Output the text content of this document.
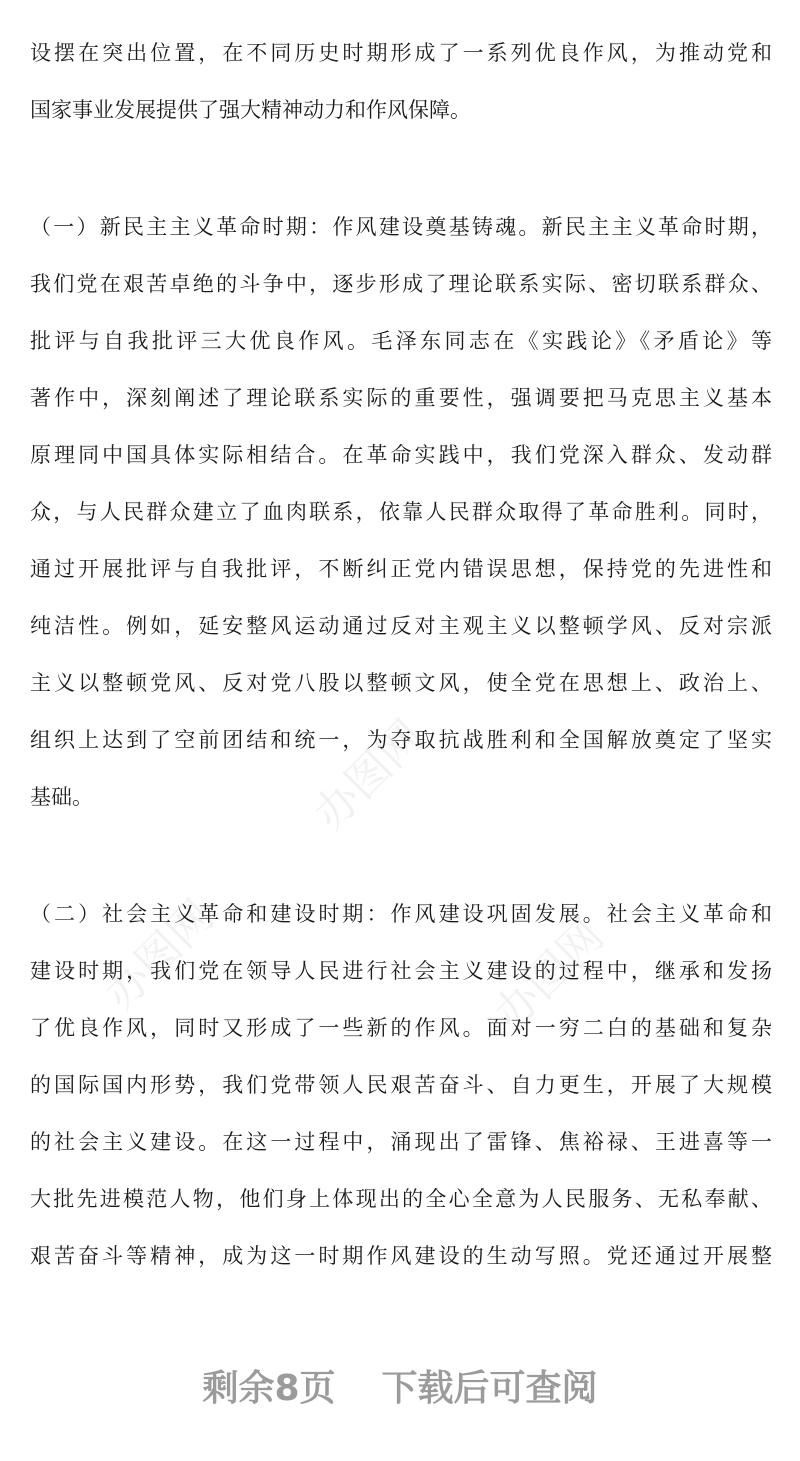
设摆在突出位置，在不同历史时期形成了一系列优良作风，为推动党和
国家事业发展提供了强大精神动力和作风保障。
（一）新民主主义革命时期：作风建设奠基铸魂。新民主主义革命时期，
我们党在艰苦卓绝的斗争中，逐步形成了理论联系实际、密切联系群众、
批评与自我批评三大优良作风。毛泽东同志在《实践论》《矛盾论》等
著作中，深刻阐述了理论联系实际的重要性，强调要把马克思主义基本
原理同中国具体实际相结合。在革命实践中，我们党深入群众、发动群
众，与人民群众建立了血肉联系，依靠人民群众取得了革命胜利。同时，
通过开展批评与自我批评，不断纠正党内错误思想，保持党的先进性和
纯洁性。例如，延安整风运动通过反对主观主义以整顿学风、反对宗派
主义以整顿党风、反对党八股以整顿文风，使全党在思想上、政治上、
组织上达到了空前团结和统一，为夺取抗战胜利和全国解放奠定了坚实
基础。
（二）社会主义革命和建设时期：作风建设巩固发展。社会主义革命和
建设时期，我们党在领导人民进行社会主义建设的过程中，继承和发扬
了优良作风，同时又形成了一些新的作风。面对一穷二白的基础和复杂
的国际国内形势，我们党带领人民艰苦奋斗、自力更生，开展了大规模
的社会主义建设。在这一过程中，涌现出了雷锋、焦裕禄、王进喜等一
大批先进模范人物，他们身上体现出的全心全意为人民服务、无私奉献、
艰苦奋斗等精神，成为这一时期作风建设的生动写照。党还通过开展整
办图网
办图网
办图网
剩余8页 下载后可查阅
